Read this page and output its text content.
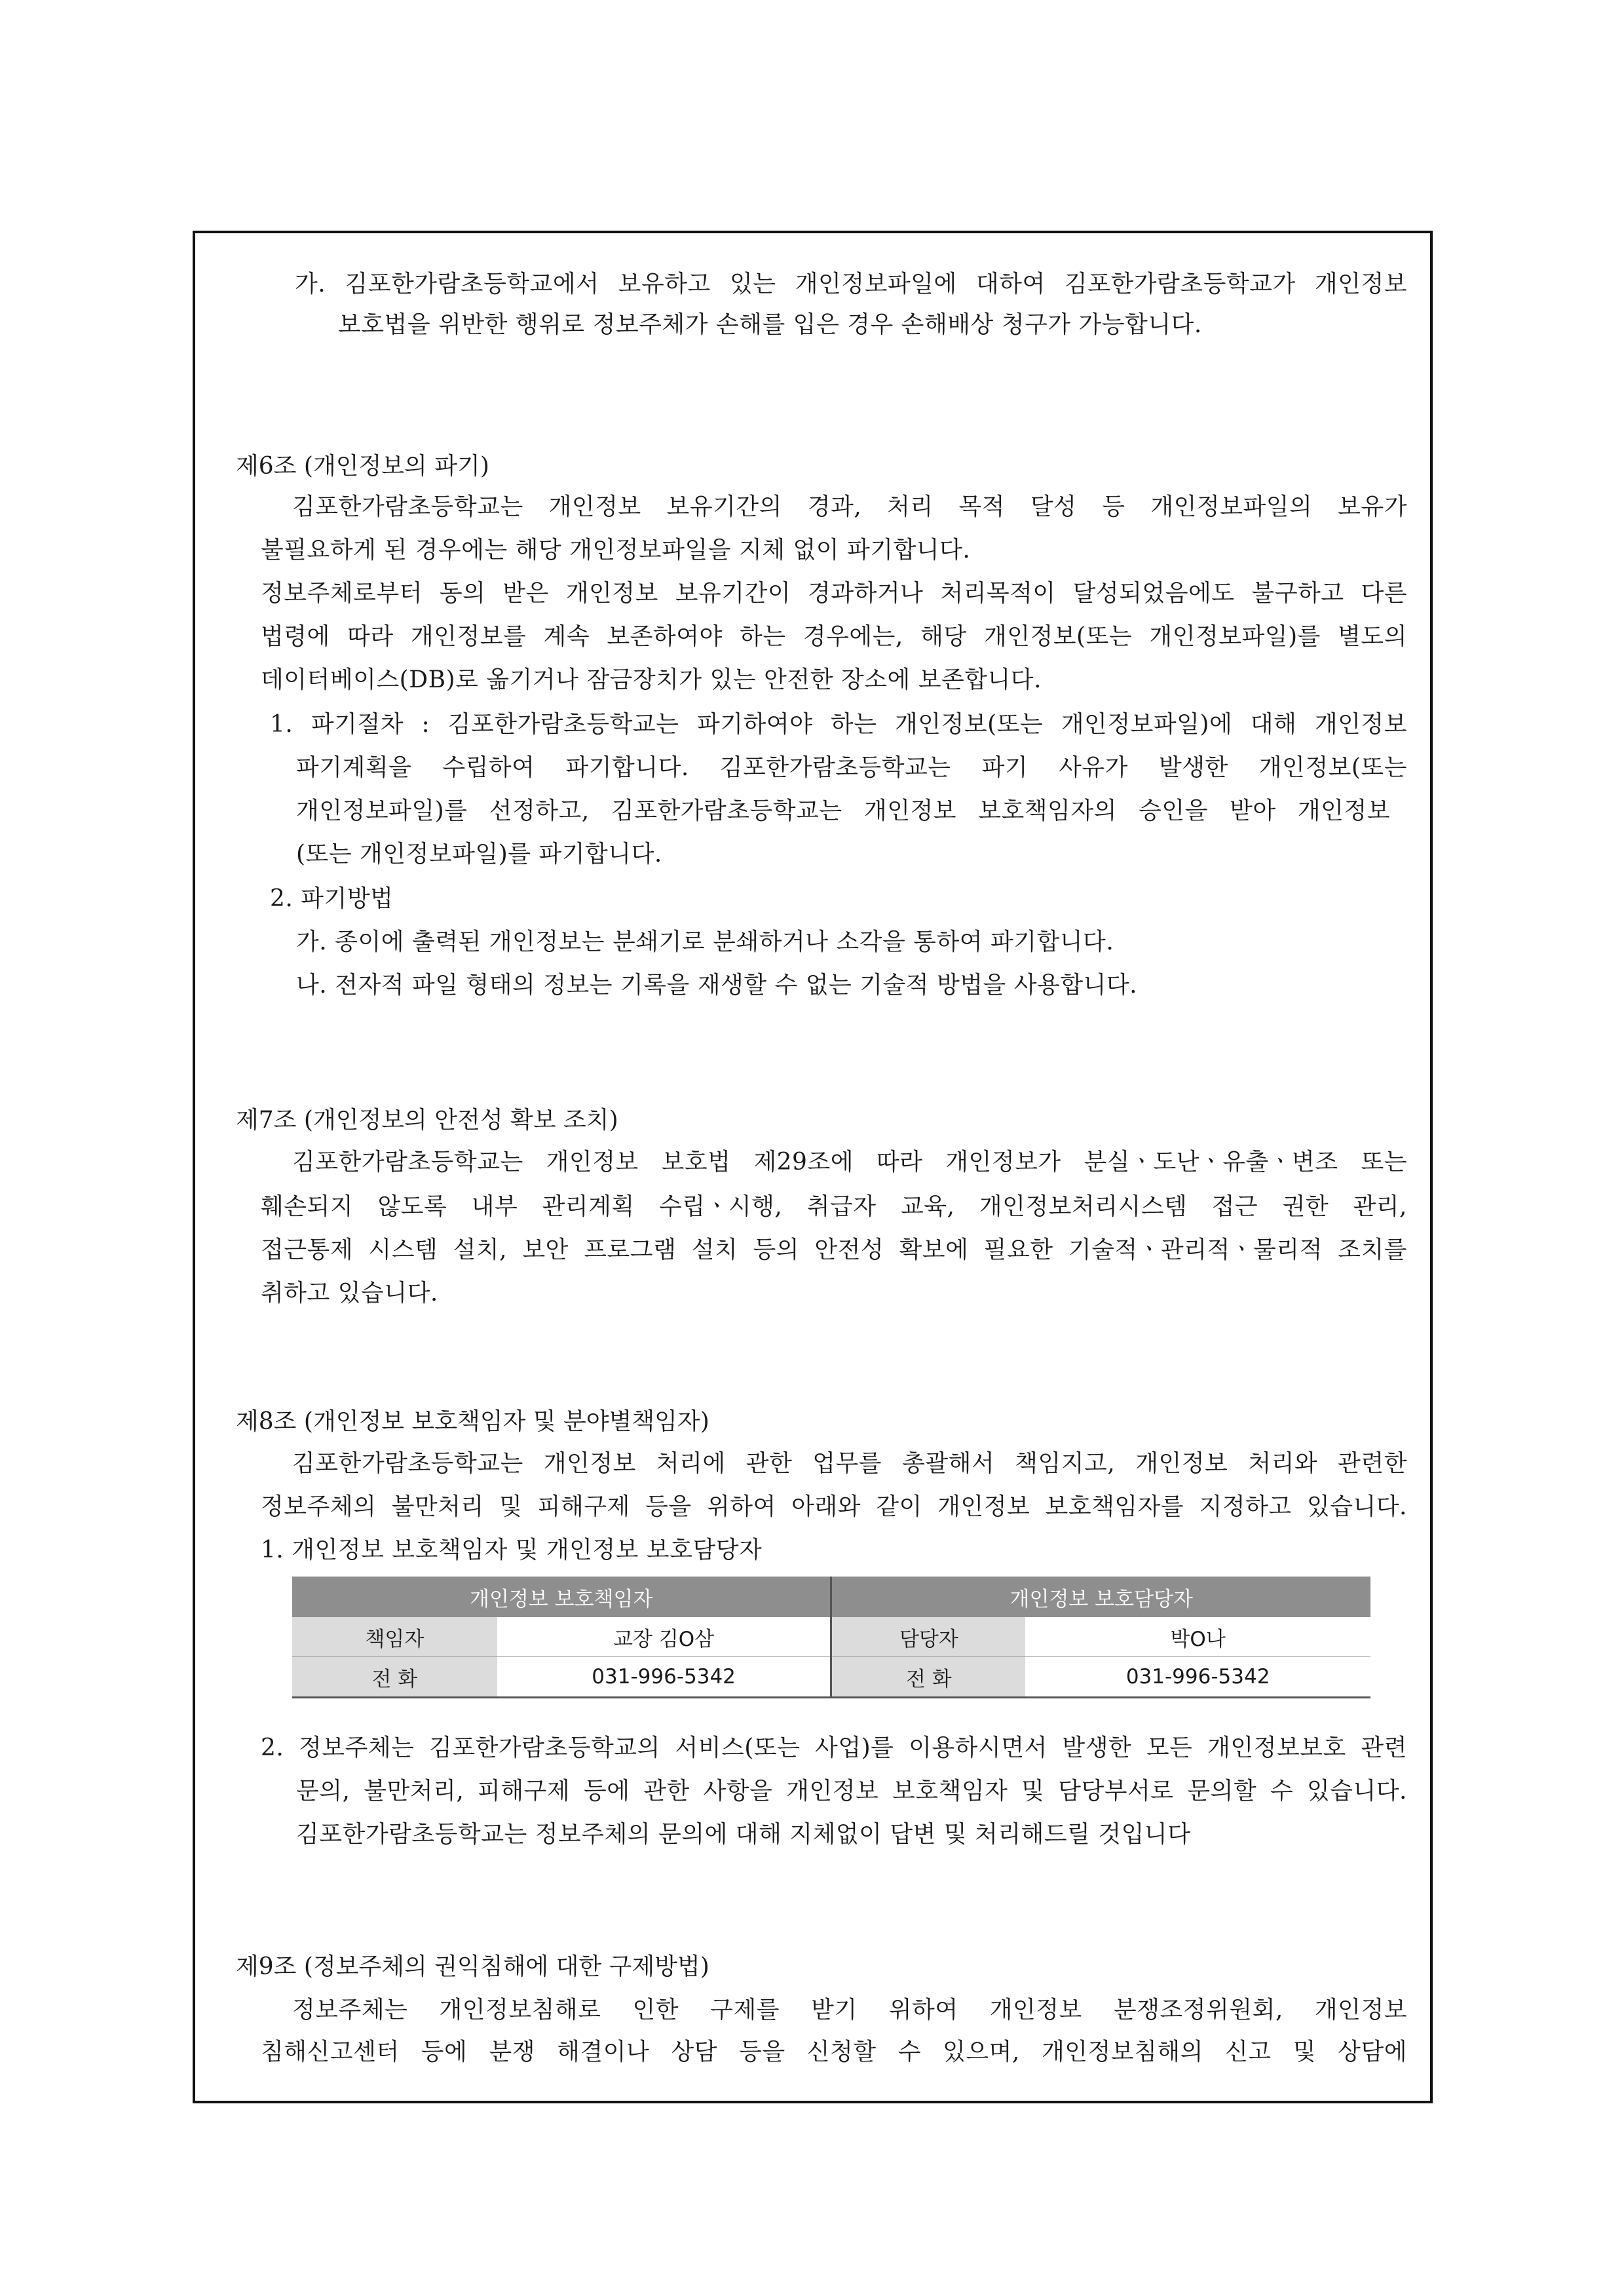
가. 김포한가람초등학교에서 보유하고 있는 개인정보파일에 대하여 김포한가람초등학교가 개인정보
보호법을 위반한 행위로 정보주체가 손해를 입은 경우 손해배상 청구가 가능합니다.
제6조 (개인정보의 파기)
김포한가람초등학교는 개인정보 보유기간의 경과, 처리 목적 달성 등 개인정보파일의 보유가
불필요하게 된 경우에는 해당 개인정보파일을 지체 없이 파기합니다.
정보주체로부터 동의 받은 개인정보 보유기간이 경과하거나 처리목적이 달성되었음에도 불구하고 다른
법령에 따라 개인정보를 계속 보존하여야 하는 경우에는, 해당 개인정보(또는 개인정보파일)를 별도의
데이터베이스(DB)로 옮기거나 잠금장치가 있는 안전한 장소에 보존합니다.
1. 파기절차 : 김포한가람초등학교는 파기하여야 하는 개인정보(또는 개인정보파일)에 대해 개인정보
파기계획을 수립하여 파기합니다. 김포한가람초등학교는 파기 사유가 발생한 개인정보(또는
개인정보파일)를 선정하고, 김포한가람초등학교는 개인정보 보호책임자의 승인을 받아 개인정보
(또는 개인정보파일)를 파기합니다.
2. 파기방법
가. 종이에 출력된 개인정보는 분쇄기로 분쇄하거나 소각을 통하여 파기합니다.
나. 전자적 파일 형태의 정보는 기록을 재생할 수 없는 기술적 방법을 사용합니다.
제7조 (개인정보의 안전성 확보 조치)
김포한가람초등학교는 개인정보 보호법 제29조에 따라 개인정보가 분실ㆍ도난ㆍ유출ㆍ변조 또는
훼손되지 않도록 내부 관리계획 수립ㆍ시행, 취급자 교육, 개인정보처리시스템 접근 권한 관리,
접근통제 시스템 설치, 보안 프로그램 설치 등의 안전성 확보에 필요한 기술적ㆍ관리적ㆍ물리적 조치를
취하고 있습니다.
제8조 (개인정보 보호책임자 및 분야별책임자)
김포한가람초등학교는 개인정보 처리에 관한 업무를 총괄해서 책임지고, 개인정보 처리와 관련한
정보주체의 불만처리 및 피해구제 등을 위하여 아래와 같이 개인정보 보호책임자를 지정하고 있습니다.
1. 개인정보 보호책임자 및 개인정보 보호담당자
개인정보 보호책임자		개인정보 보호담당자	
책임자	교장 김O삼	담당자	박O나
전 화	031-996-5342	전 화	031-996-5342
2. 정보주체는 김포한가람초등학교의 서비스(또는 사업)를 이용하시면서 발생한 모든 개인정보보호 관련
문의, 불만처리, 피해구제 등에 관한 사항을 개인정보 보호책임자 및 담당부서로 문의할 수 있습니다.
김포한가람초등학교는 정보주체의 문의에 대해 지체없이 답변 및 처리해드릴 것입니다
제9조 (정보주체의 권익침해에 대한 구제방법)
정보주체는 개인정보침해로 인한 구제를 받기 위하여 개인정보 분쟁조정위원회, 개인정보
침해신고센터 등에 분쟁 해결이나 상담 등을 신청할 수 있으며, 개인정보침해의 신고 및 상담에
